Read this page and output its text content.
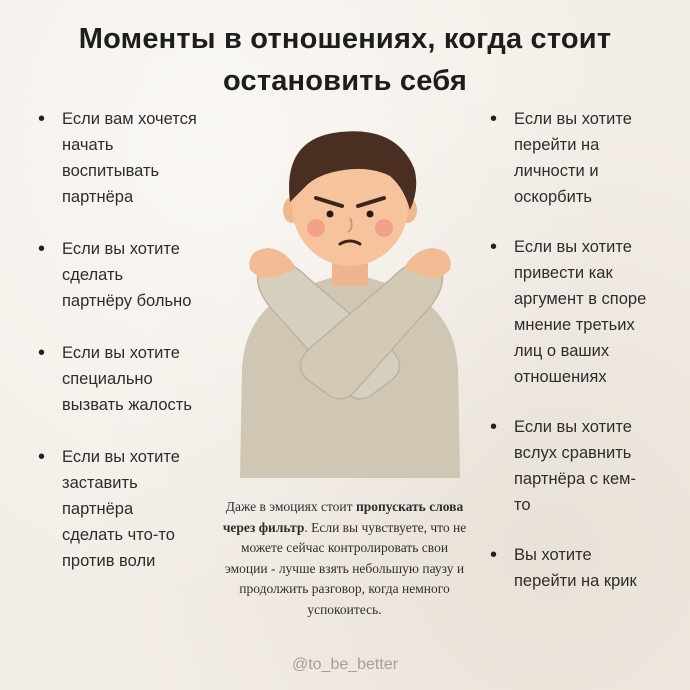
Моменты в отношениях, когда стоит
остановить себя
• Если вам хочется
начать
воспитывать
партнёра
• Если вы хотите
сделать
партнёру больно
• Если вы хотите
специально
вызвать жалость
• Если вы хотите
заставить
партнёра
сделать что-то
против воли
• Если вы хотите
перейти на
личности и
оскорбить
• Если вы хотите
привести как
аргумент в споре
мнение третьих
лиц о ваших
отношениях
• Если вы хотите
вслух сравнить
партнёра с кем-
то
• Вы хотите
перейти на крик
Даже в эмоциях стоит пропускать слова через фильтр. Если вы чувствуете, что не можете сейчас контролировать свои эмоции - лучше взять небольшую паузу и продолжить разговор, когда немного успокоитесь.
@to_be_better
